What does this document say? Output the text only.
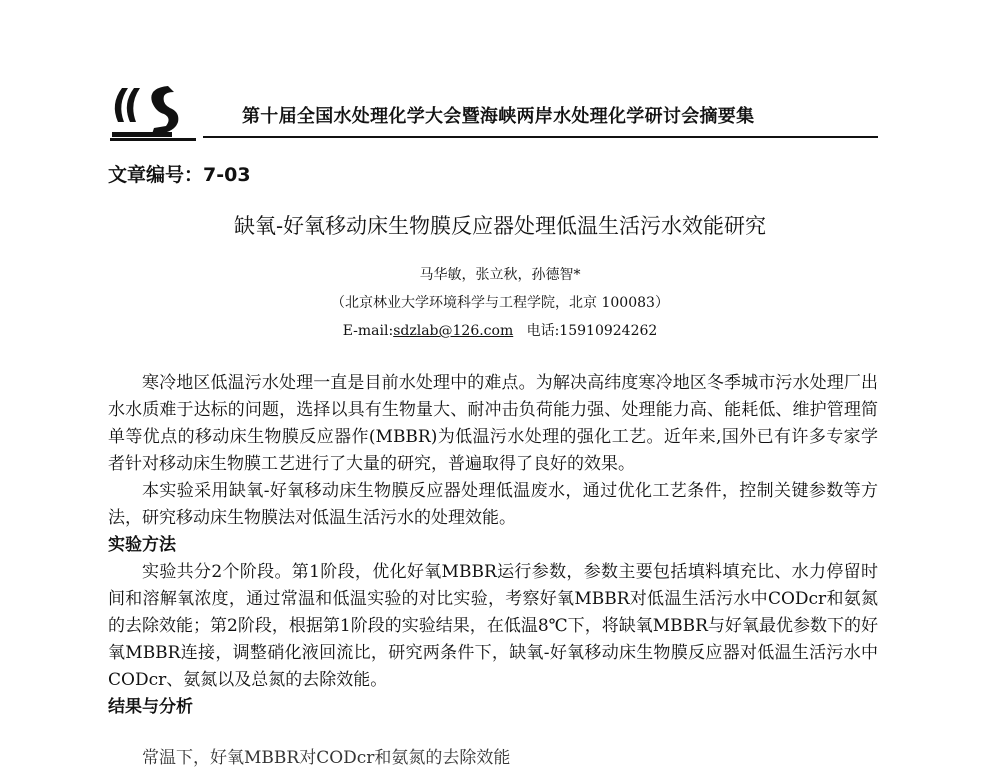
第十届全国水处理化学大会暨海峡两岸水处理化学研讨会摘要集
文章编号：7-03
缺氧-好氧移动床生物膜反应器处理低温生活污水效能研究
马华敏，张立秋，孙德智*
（北京林业大学环境科学与工程学院，北京 100083）
E-mail:sdzlab@126.com 电话:15910924262

寒冷地区低温污水处理一直是目前水处理中的难点。为解决高纬度寒冷地区冬季城市污水处理厂出水水质难于达标的问题，选择以具有生物量大、耐冲击负荷能力强、处理能力高、能耗低、维护管理简单等优点的移动床生物膜反应器作(MBBR)为低温污水处理的强化工艺。近年来,国外已有许多专家学者针对移动床生物膜工艺进行了大量的研究，普遍取得了良好的效果。

本实验采用缺氧-好氧移动床生物膜反应器处理低温废水，通过优化工艺条件，控制关键参数等方法，研究移动床生物膜法对低温生活污水的处理效能。

实验方法

实验共分2个阶段。第1阶段，优化好氧MBBR运行参数，参数主要包括填料填充比、水力停留时间和溶解氧浓度，通过常温和低温实验的对比实验，考察好氧MBBR对低温生活污水中CODcr和氨氮的去除效能；第2阶段，根据第1阶段的实验结果，在低温8℃下，将缺氧MBBR与好氧最优参数下的好氧MBBR连接，调整硝化液回流比，研究两条件下，缺氧-好氧移动床生物膜反应器对低温生活污水中CODcr、氨氮以及总氮的去除效能。

结果与分析
常温下，好氧MBBR对CODcr和氨氮的去除效能
